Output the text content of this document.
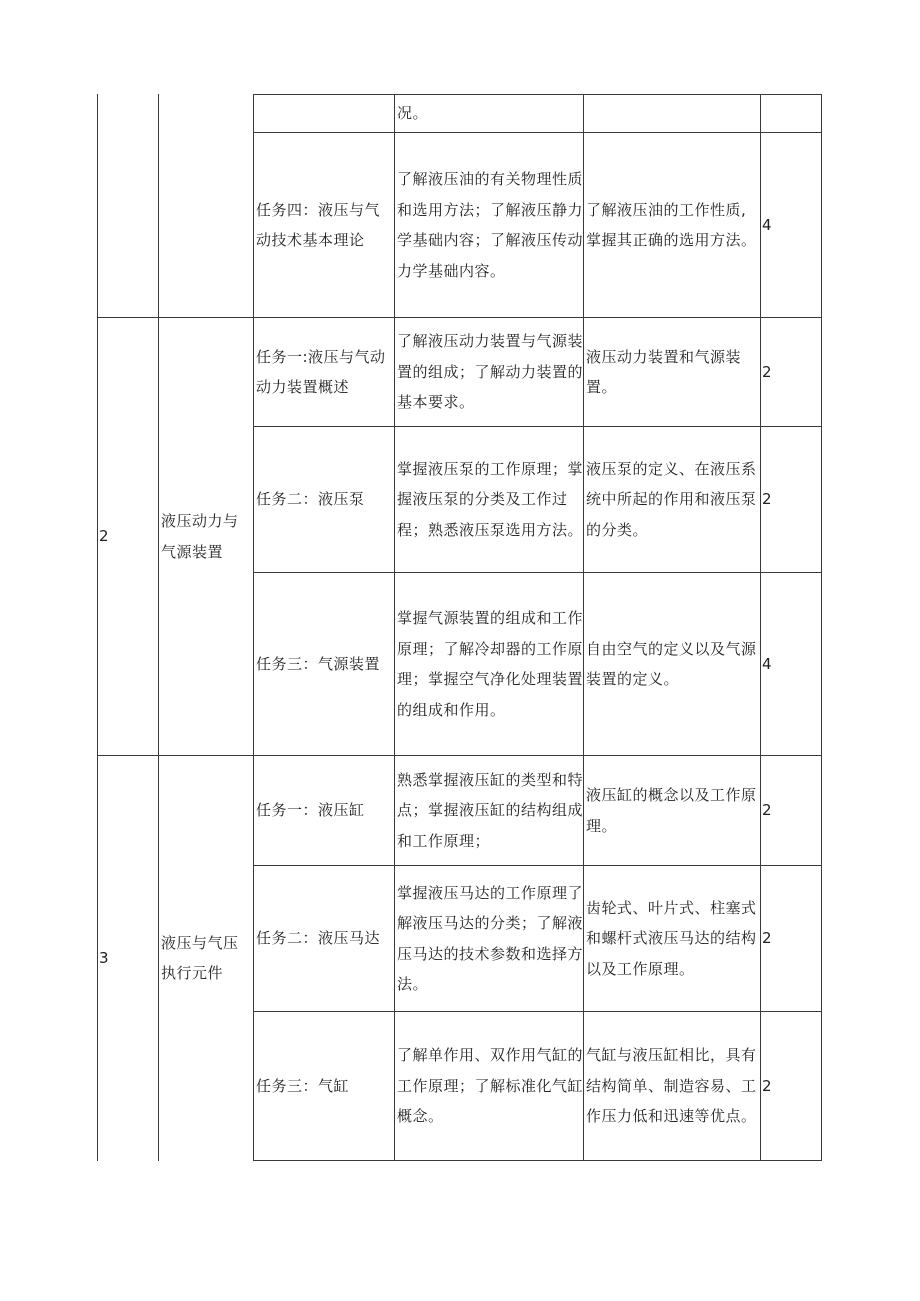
2
液压动力与气源装置
3
液压与气压执行元件
况。
任务四：液压与气动技术基本理论
了解液压油的有关物理性质和选用方法；了解液压静力学基础内容；了解液压传动力学基础内容。
了解液压油的工作性质,掌握其正确的选用方法。
4
任务一:液压与气动动力装置概述
了解液压动力装置与气源装置的组成；了解动力装置的基本要求。
液压动力装置和气源装置。
2
任务二：液压泵
掌握液压泵的工作原理；掌握液压泵的分类及工作过程；熟悉液压泵选用方法。
液压泵的定义、在液压系统中所起的作用和液压泵的分类。
2
任务三：气源装置
掌握气源装置的组成和工作原理；了解冷却器的工作原理；掌握空气净化处理装置的组成和作用。
自由空气的定义以及气源装置的定义。
4
任务一：液压缸
熟悉掌握液压缸的类型和特点；掌握液压缸的结构组成和工作原理；
液压缸的概念以及工作原理。
2
任务二：液压马达
掌握液压马达的工作原理了解液压马达的分类；了解液压马达的技术参数和选择方法。
齿轮式、叶片式、柱塞式和螺杆式液压马达的结构以及工作原理。
2
任务三：气缸
了解单作用、双作用气缸的工作原理；了解标准化气缸概念。
气缸与液压缸相比，具有结构简单、制造容易、工作压力低和迅速等优点。
2
